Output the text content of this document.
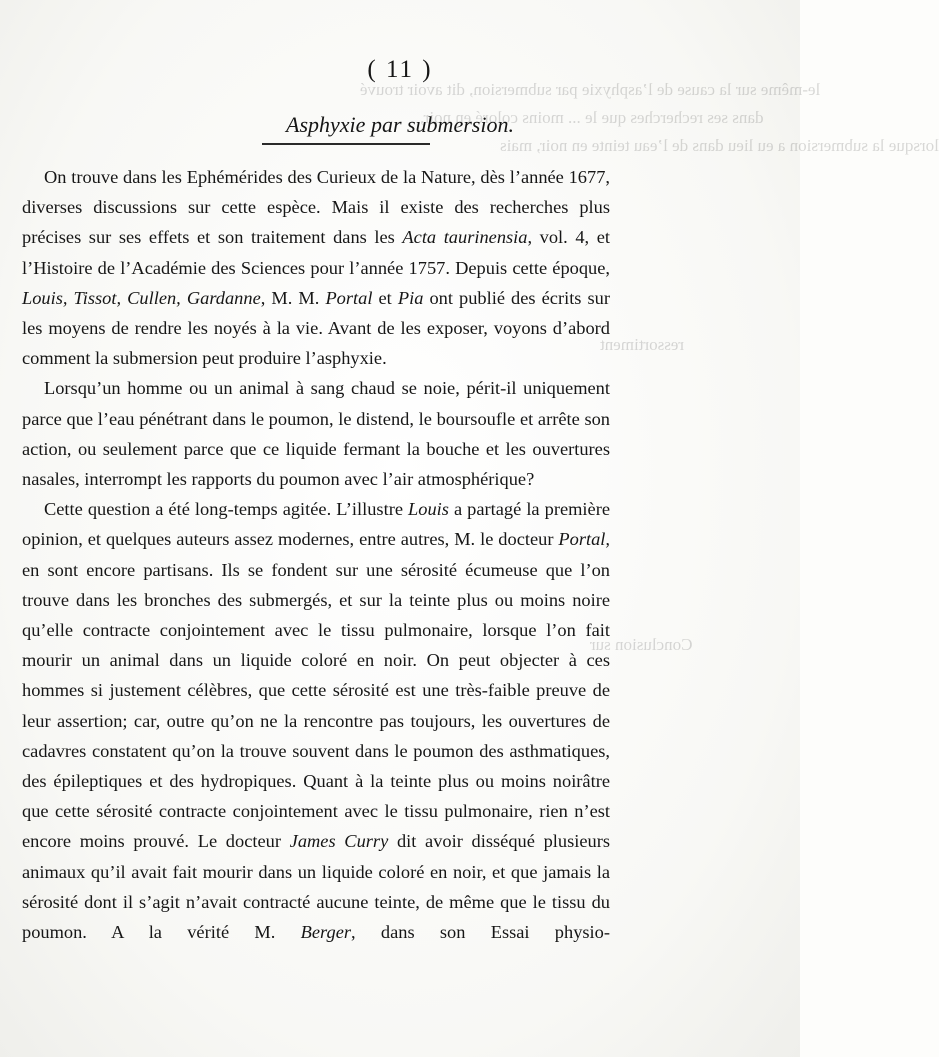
lorsque la submersion
( 11 )
Asphyxie par submersion.

On trouve dans les Ephémérides des Curieux de la Nature, dès l’année 1677, diverses discussions sur cette espèce. Mais il existe des recherches plus précises sur ses effets et son traitement dans les Acta taurinensia, vol. 4, et l’Histoire de l’Académie des Sciences pour l’année 1757. Depuis cette époque, Louis, Tissot, Cullen, Gardanne, M. M. Portal et Pia ont publié des écrits sur les moyens de rendre les noyés à la vie. Avant de les exposer, voyons d’abord comment la submersion peut produire l’asphyxie.

Lorsqu’un homme ou un animal à sang chaud se noie, périt-il uniquement parce que l’eau pénétrant dans le poumon, le distend, le boursoufle et arrête son action, ou seulement parce que ce liquide fermant la bouche et les ouvertures nasales, interrompt les rapports du poumon avec l’air atmosphérique?

Cette question a été long-temps agitée. L’illustre Louis a partagé la première opinion, et quelques auteurs assez modernes, entre autres, M. le docteur Portal, en sont encore partisans. Ils se fondent sur une sérosité écumeuse que l’on trouve dans les bronches des submergés, et sur la teinte plus ou moins noire qu’elle contracte conjointement avec le tissu pulmonaire, lorsque l’on fait mourir un animal dans un liquide coloré en noir. On peut objecter à ces hommes si justement célèbres, que cette sérosité est une très-faible preuve de leur assertion; car, outre qu’on ne la rencontre pas toujours, les ouvertures de cadavres constatent qu’on la trouve souvent dans le poumon des asthmatiques, des épileptiques et des hydropiques. Quant à la teinte plus ou moins noirâtre que cette sérosité contracte conjointement avec le tissu pulmonaire, rien n’est encore moins prouvé. Le docteur James Curry dit avoir disséqué plusieurs animaux qu’il avait fait mourir dans un liquide coloré en noir, et que jamais la sérosité dont il s’agit n’avait contracté aucune teinte, de même que le tissu du poumon. A la vérité M. Berger, dans son Essai physio-
